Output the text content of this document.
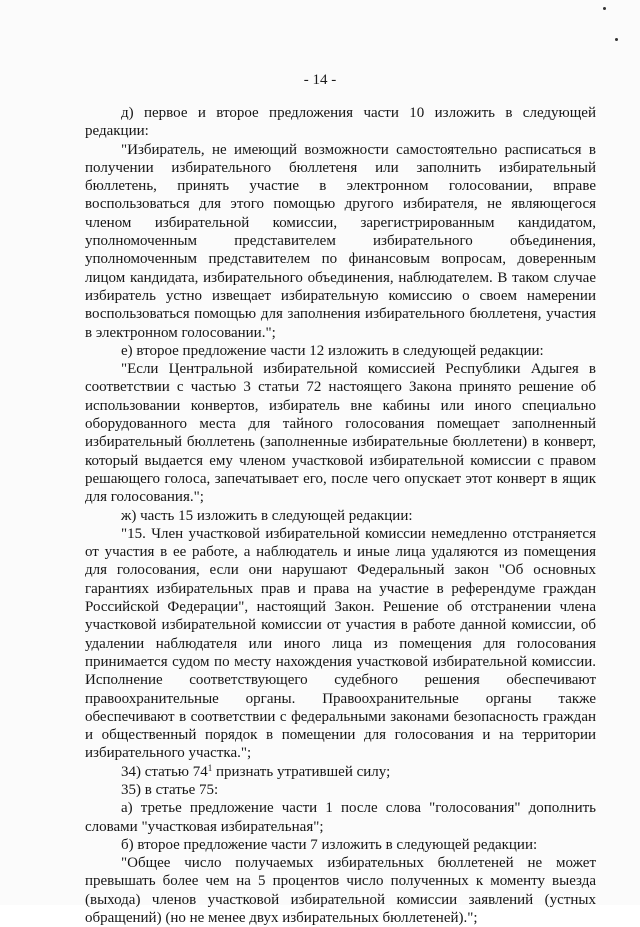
- 14 -

д) первое и второе предложения части 10 изложить в следующей редакции:

"Избиратель, не имеющий возможности самостоятельно расписаться в получении избирательного бюллетеня или заполнить избирательный бюллетень, принять участие в электронном голосовании, вправе воспользоваться для этого помощью другого избирателя, не являющегося членом избирательной комиссии, зарегистрированным кандидатом, уполномоченным представителем избирательного объединения, уполномоченным представителем по финансовым вопросам, доверенным лицом кандидата, избирательного объединения, наблюдателем. В таком случае избиратель устно извещает избирательную комиссию о своем намерении воспользоваться помощью для заполнения избирательного бюллетеня, участия в электронном голосовании.";

е) второе предложение части 12 изложить в следующей редакции:

"Если Центральной избирательной комиссией Республики Адыгея в соответствии с частью 3 статьи 72 настоящего Закона принято решение об использовании конвертов, избиратель вне кабины или иного специально оборудованного места для тайного голосования помещает заполненный избирательный бюллетень (заполненные избирательные бюллетени) в конверт, который выдается ему членом участковой избирательной комиссии с правом решающего голоса, запечатывает его, после чего опускает этот конверт в ящик для голосования.";

ж) часть 15 изложить в следующей редакции:

"15. Член участковой избирательной комиссии немедленно отстраняется от участия в ее работе, а наблюдатель и иные лица удаляются из помещения для голосования, если они нарушают Федеральный закон "Об основных гарантиях избирательных прав и права на участие в референдуме граждан Российской Федерации", настоящий Закон. Решение об отстранении члена участковой избирательной комиссии от участия в работе данной комиссии, об удалении наблюдателя или иного лица из помещения для голосования принимается судом по месту нахождения участковой избирательной комиссии. Исполнение соответствующего судебного решения обеспечивают правоохранительные органы. Правоохранительные органы также обеспечивают в соответствии с федеральными законами безопасность граждан и общественный порядок в помещении для голосования и на территории избирательного участка.";

34) статью $74^1$ признать утратившей силу;

35) в статье 75:

а) третье предложение части 1 после слова "голосования" дополнить словами "участковая избирательная";

б) второе предложение части 7 изложить в следующей редакции:

"Общее число получаемых избирательных бюллетеней не может превышать более чем на 5 процентов число полученных к моменту выезда (выхода) членов участковой избирательной комиссии заявлений (устных обращений) (но не менее двух избирательных бюллетеней).";
